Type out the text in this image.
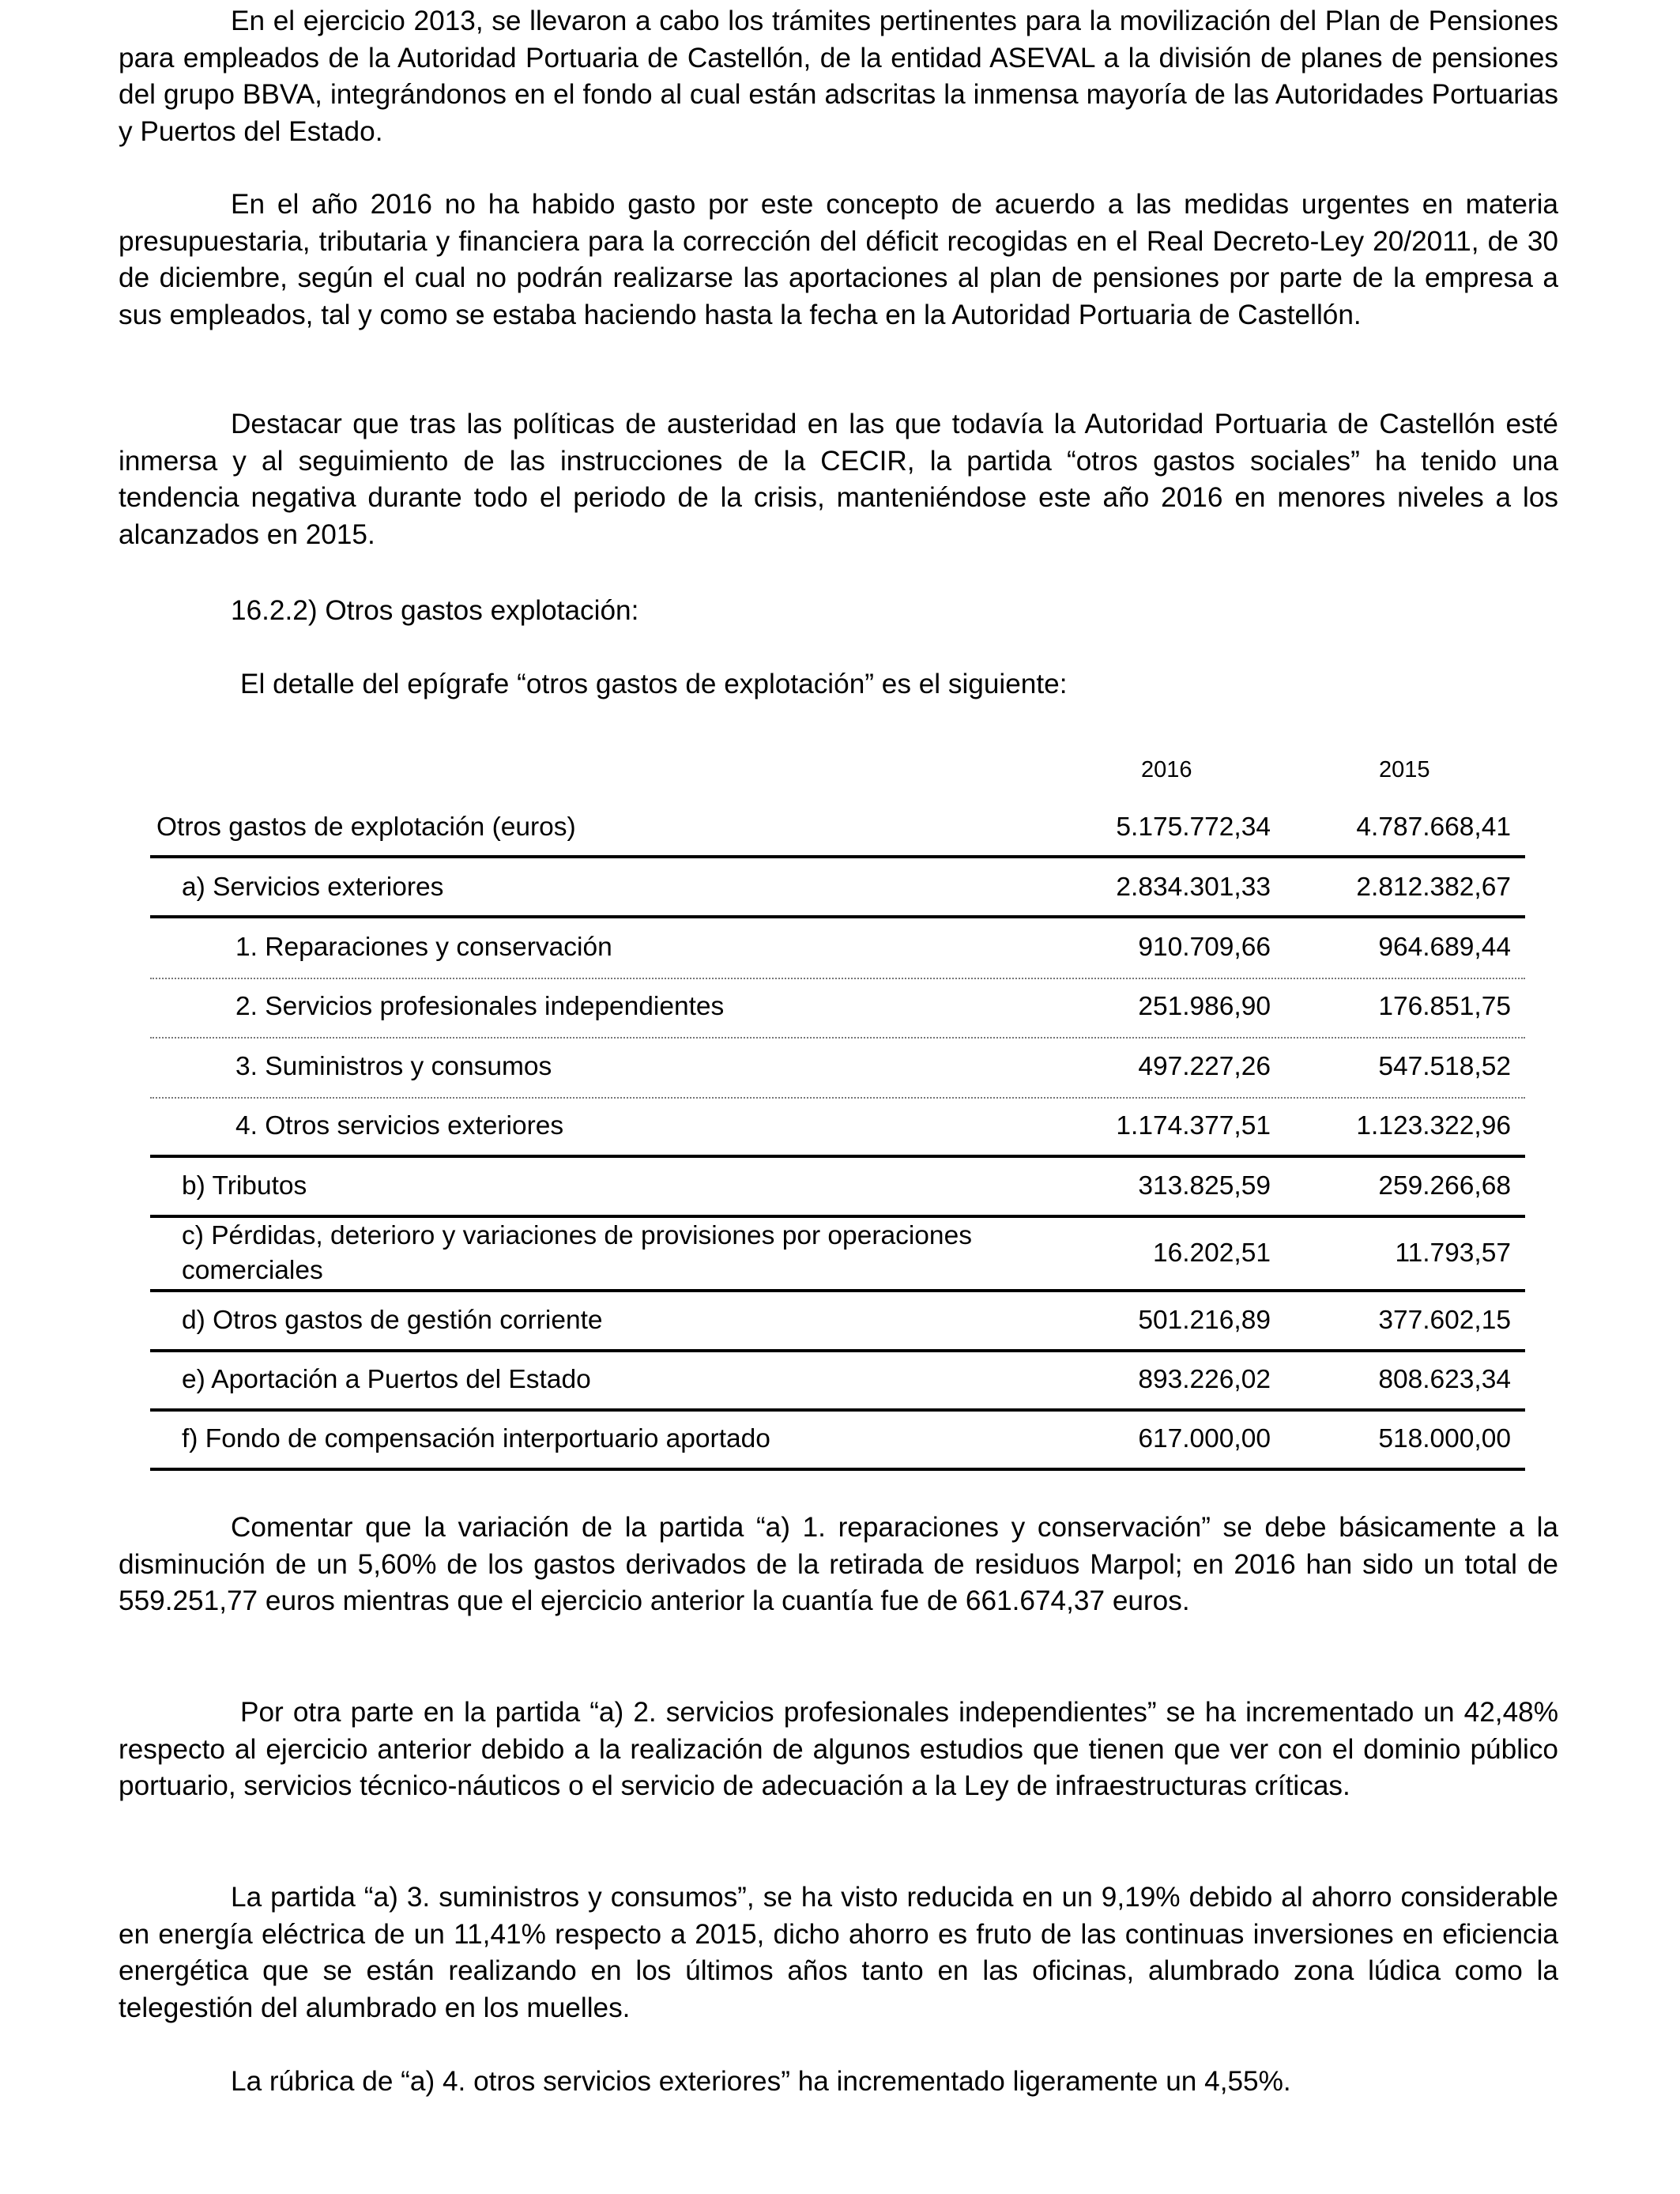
En el ejercicio 2013, se llevaron a cabo los trámites pertinentes para la movilización del Plan de Pensiones para empleados de la Autoridad Portuaria de Castellón, de la entidad ASEVAL a la división de planes de pensiones del grupo BBVA, integrándonos en el fondo al cual están adscritas la inmensa mayoría de las Autoridades Portuarias y Puertos del Estado.

En el año 2016 no ha habido gasto por este concepto de acuerdo a las medidas urgentes en materia presupuestaria, tributaria y financiera para la corrección del déficit recogidas en el Real Decreto-Ley 20/2011, de 30 de diciembre, según el cual no podrán realizarse las aportaciones al plan de pensiones por parte de la empresa a sus empleados, tal y como se estaba haciendo hasta la fecha en la Autoridad Portuaria de Castellón.

Destacar que tras las políticas de austeridad en las que todavía la Autoridad Portuaria de Castellón esté inmersa y al seguimiento de las instrucciones de la CECIR, la partida “otros gastos sociales” ha tenido una tendencia negativa durante todo el periodo de la crisis, manteniéndose este año 2016 en menores niveles a los alcanzados en 2015.

16.2.2) Otros gastos explotación:

El detalle del epígrafe “otros gastos de explotación” es el siguiente:

Comentar que la variación de la partida “a) 1. reparaciones y conservación” se debe básicamente a la disminución de un 5,60% de los gastos derivados de la retirada de residuos Marpol; en 2016 han sido un total de 559.251,77 euros mientras que el ejercicio anterior la cuantía fue de 661.674,37 euros.

Por otra parte en la partida “a) 2. servicios profesionales independientes” se ha incrementado un 42,48% respecto al ejercicio anterior debido a la realización de algunos estudios que tienen que ver con el dominio público portuario, servicios técnico-náuticos o el servicio de adecuación a la Ley de infraestructuras críticas.

La partida “a) 3. suministros y consumos”, se ha visto reducida en un 9,19% debido al ahorro considerable en energía eléctrica de un 11,41% respecto a 2015, dicho ahorro es fruto de las continuas inversiones en eficiencia energética que se están realizando en los últimos años tanto en las oficinas, alumbrado zona lúdica como la telegestión del alumbrado en los muelles.

La rúbrica de “a) 4. otros servicios exteriores” ha incrementado ligeramente un 4,55%.

2016	2015
Otros gastos de explotación (euros)	5.175.772,34	4.787.668,41
a) Servicios exteriores	2.834.301,33	2.812.382,67
1. Reparaciones y conservación	910.709,66	964.689,44
2. Servicios profesionales independientes	251.986,90	176.851,75
3. Suministros y consumos	497.227,26	547.518,52
4. Otros servicios exteriores	1.174.377,51	1.123.322,96
b) Tributos	313.825,59	259.266,68
c) Pérdidas, deterioro y variaciones de provisiones por operaciones
comerciales
16.202,51	11.793,57
d) Otros gastos de gestión corriente	501.216,89	377.602,15
e) Aportación a Puertos del Estado	893.226,02	808.623,34
f) Fondo de compensación interportuario aportado	617.000,00	518.000,00
